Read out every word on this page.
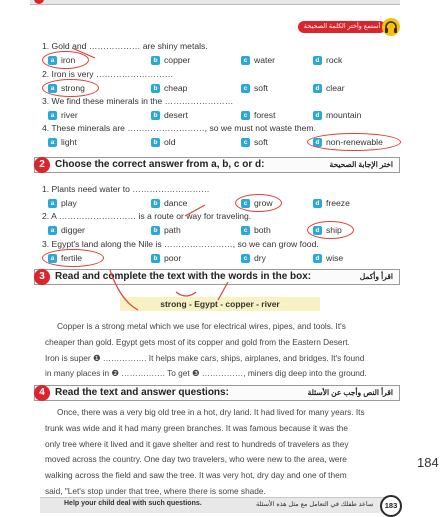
أستمع وأختر الكلمة الصحيحة
1. Gold and ……………… are shiny metals.
a iron	b copper	c water	d rock
2. Iron is very ………………………
a strong	b cheap	c soft	d clear
3. We find these minerals in the ……………………
a river	b desert	c forest	d mountain
4. These minerals are ………………………, so we must not waste them.
a light	b old	c soft	d non-renewable
2	Choose the correct answer from a, b, c or d:	اختر الإجابة الصحيحة
1. Plants need water to ………………………
a play	b dance	c grow	d freeze
2. A ……………………… is a route or way for traveling.
a digger	b path	c both	d ship
3. Egypt's land along the Nile is ……………………, so we can grow food.
a fertile	b poor	c dry	d wise
3	Read and complete the text with the words in the box:	اقرأ وأكمل
strong - Egypt - copper - river
Copper is a strong metal which we use for electrical wires, pipes, and tools. It's
cheaper than gold. Egypt gets most of its copper and gold from the Eastern Desert.
Iron is super ❶ ……………. It helps make cars, ships, airplanes, and bridges. It's found
in many places in ❷ ……………. To get ❸ ……………, miners dig deep into the ground.
4	Read the text and answer questions:	اقرأ النص وأجب عن الأسئلة
Once, there was a very big old tree in a hot, dry land. It had lived for many years. Its
trunk was wide and it had many green branches. It was famous because it was the
only tree where it lived and it gave shelter and rest to hundreds of travelers as they
moved across the country. One day two travelers, who were new to the area, were
walking across the field and saw the tree. It was very hot, dry day and one of them
said, "Let's stop under that tree, where there is some shade.
184
Help your child deal with such questions.	ساعد طفلك في التعامل مع مثل هذه الأسئلة	183
